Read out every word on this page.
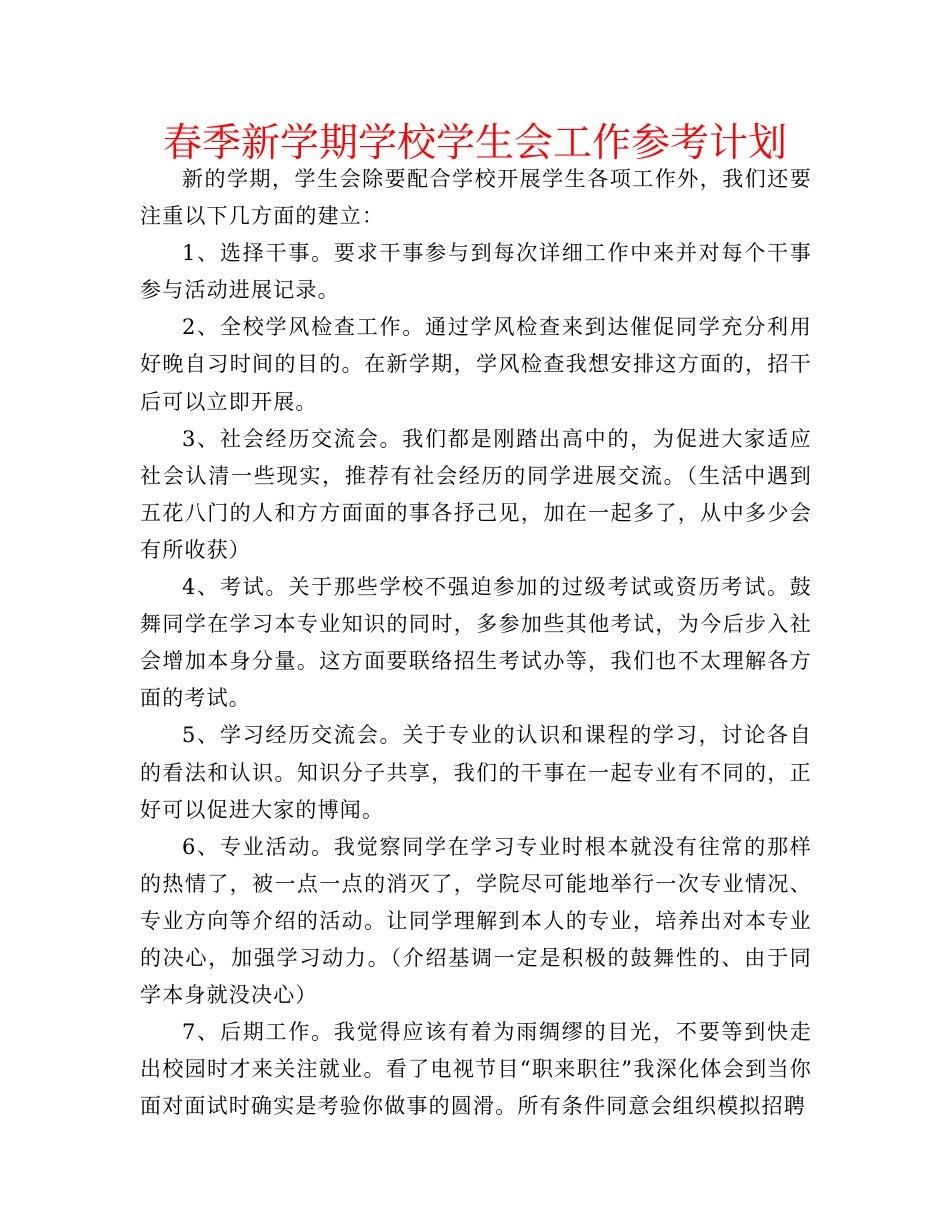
春季新学期学校学生会工作参考计划

新的学期，学生会除要配合学校开展学生各项工作外，我们还要注重以下几方面的建立：

1、选择干事。要求干事参与到每次详细工作中来并对每个干事参与活动进展记录。

2、全校学风检查工作。通过学风检查来到达催促同学充分利用好晚自习时间的目的。在新学期，学风检查我想安排这方面的，招干后可以立即开展。

3、社会经历交流会。我们都是刚踏出高中的，为促进大家适应社会认清一些现实，推荐有社会经历的同学进展交流。（生活中遇到五花八门的人和方方面面的事各抒己见，加在一起多了，从中多少会有所收获）

4、考试。关于那些学校不强迫参加的过级考试或资历考试。鼓舞同学在学习本专业知识的同时，多参加些其他考试，为今后步入社会增加本身分量。这方面要联络招生考试办等，我们也不太理解各方面的考试。

5、学习经历交流会。关于专业的认识和课程的学习，讨论各自的看法和认识。知识分子共享，我们的干事在一起专业有不同的，正好可以促进大家的博闻。

6、专业活动。我觉察同学在学习专业时根本就没有往常的那样的热情了，被一点一点的消灭了，学院尽可能地举行一次专业情况、专业方向等介绍的活动。让同学理解到本人的专业，培养出对本专业的决心，加强学习动力。（介绍基调一定是积极的鼓舞性的、由于同学本身就没决心）

7、后期工作。我觉得应该有着为雨绸缪的目光，不要等到快走出校园时才来关注就业。看了电视节目“职来职往”我深化体会到当你面对面试时确实是考验你做事的圆滑。所有条件同意会组织模拟招聘
